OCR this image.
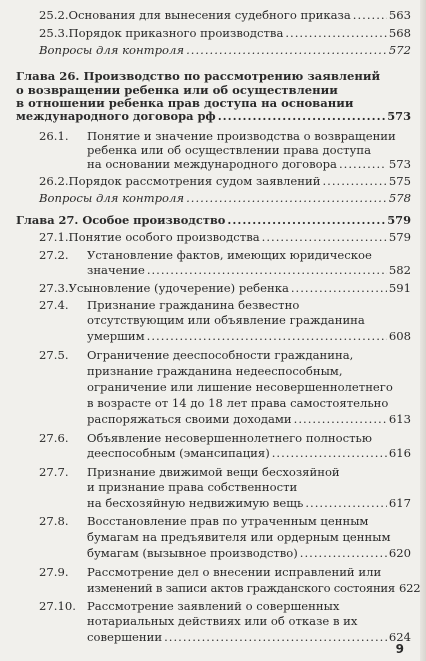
25.2. Основания для вынесения судебного приказа .....	563
25.3. Порядок приказного производства .....	568
Вопросы для контроля .....	572
Глава 26. Производство по рассмотрению заявлений
о возвращении ребенка или об осуществлении
в отношении ребенка прав доступа на основании
международного договора рф .....	573
26.1.	Понятие и значение производства о возвращении
ребенка или об осуществлении права доступа
на основании международного договора .....	573
26.2. Порядок рассмотрения судом заявлений .....	575
Вопросы для контроля .....	578
Глава 27. Особое производство .....	579
27.1. Понятие особого производства .....	579
27.2.	Установление фактов, имеющих юридическое
значение .....	582
27.3. Усыновление (удочерение) ребенка .....	591
27.4.	Признание гражданина безвестно
отсутствующим или объявление гражданина
умершим .....	608
27.5.	Ограничение дееспособности гражданина,
признание гражданина недееспособным,
ограничение или лишение несовершеннолетнего
в возрасте от 14 до 18 лет права самостоятельно
распоряжаться своими доходами .....	613
27.6.	Объявление несовершеннолетнего полностью
дееспособным (эмансипация) .....	616
27.7.	Признание движимой вещи бесхозяйной
и признание права собственности
на бесхозяйную недвижимую вещь .....	617
27.8.	Восстановление прав по утраченным ценным
бумагам на предъявителя или ордерным ценным
бумагам (вызывное производство) .....	620
27.9.	Рассмотрение дел о внесении исправлений или
изменений в записи актов гражданского состояния 622
27.10. Рассмотрение заявлений о совершенных
нотариальных действиях или об отказе в их
совершении .....	624
9
